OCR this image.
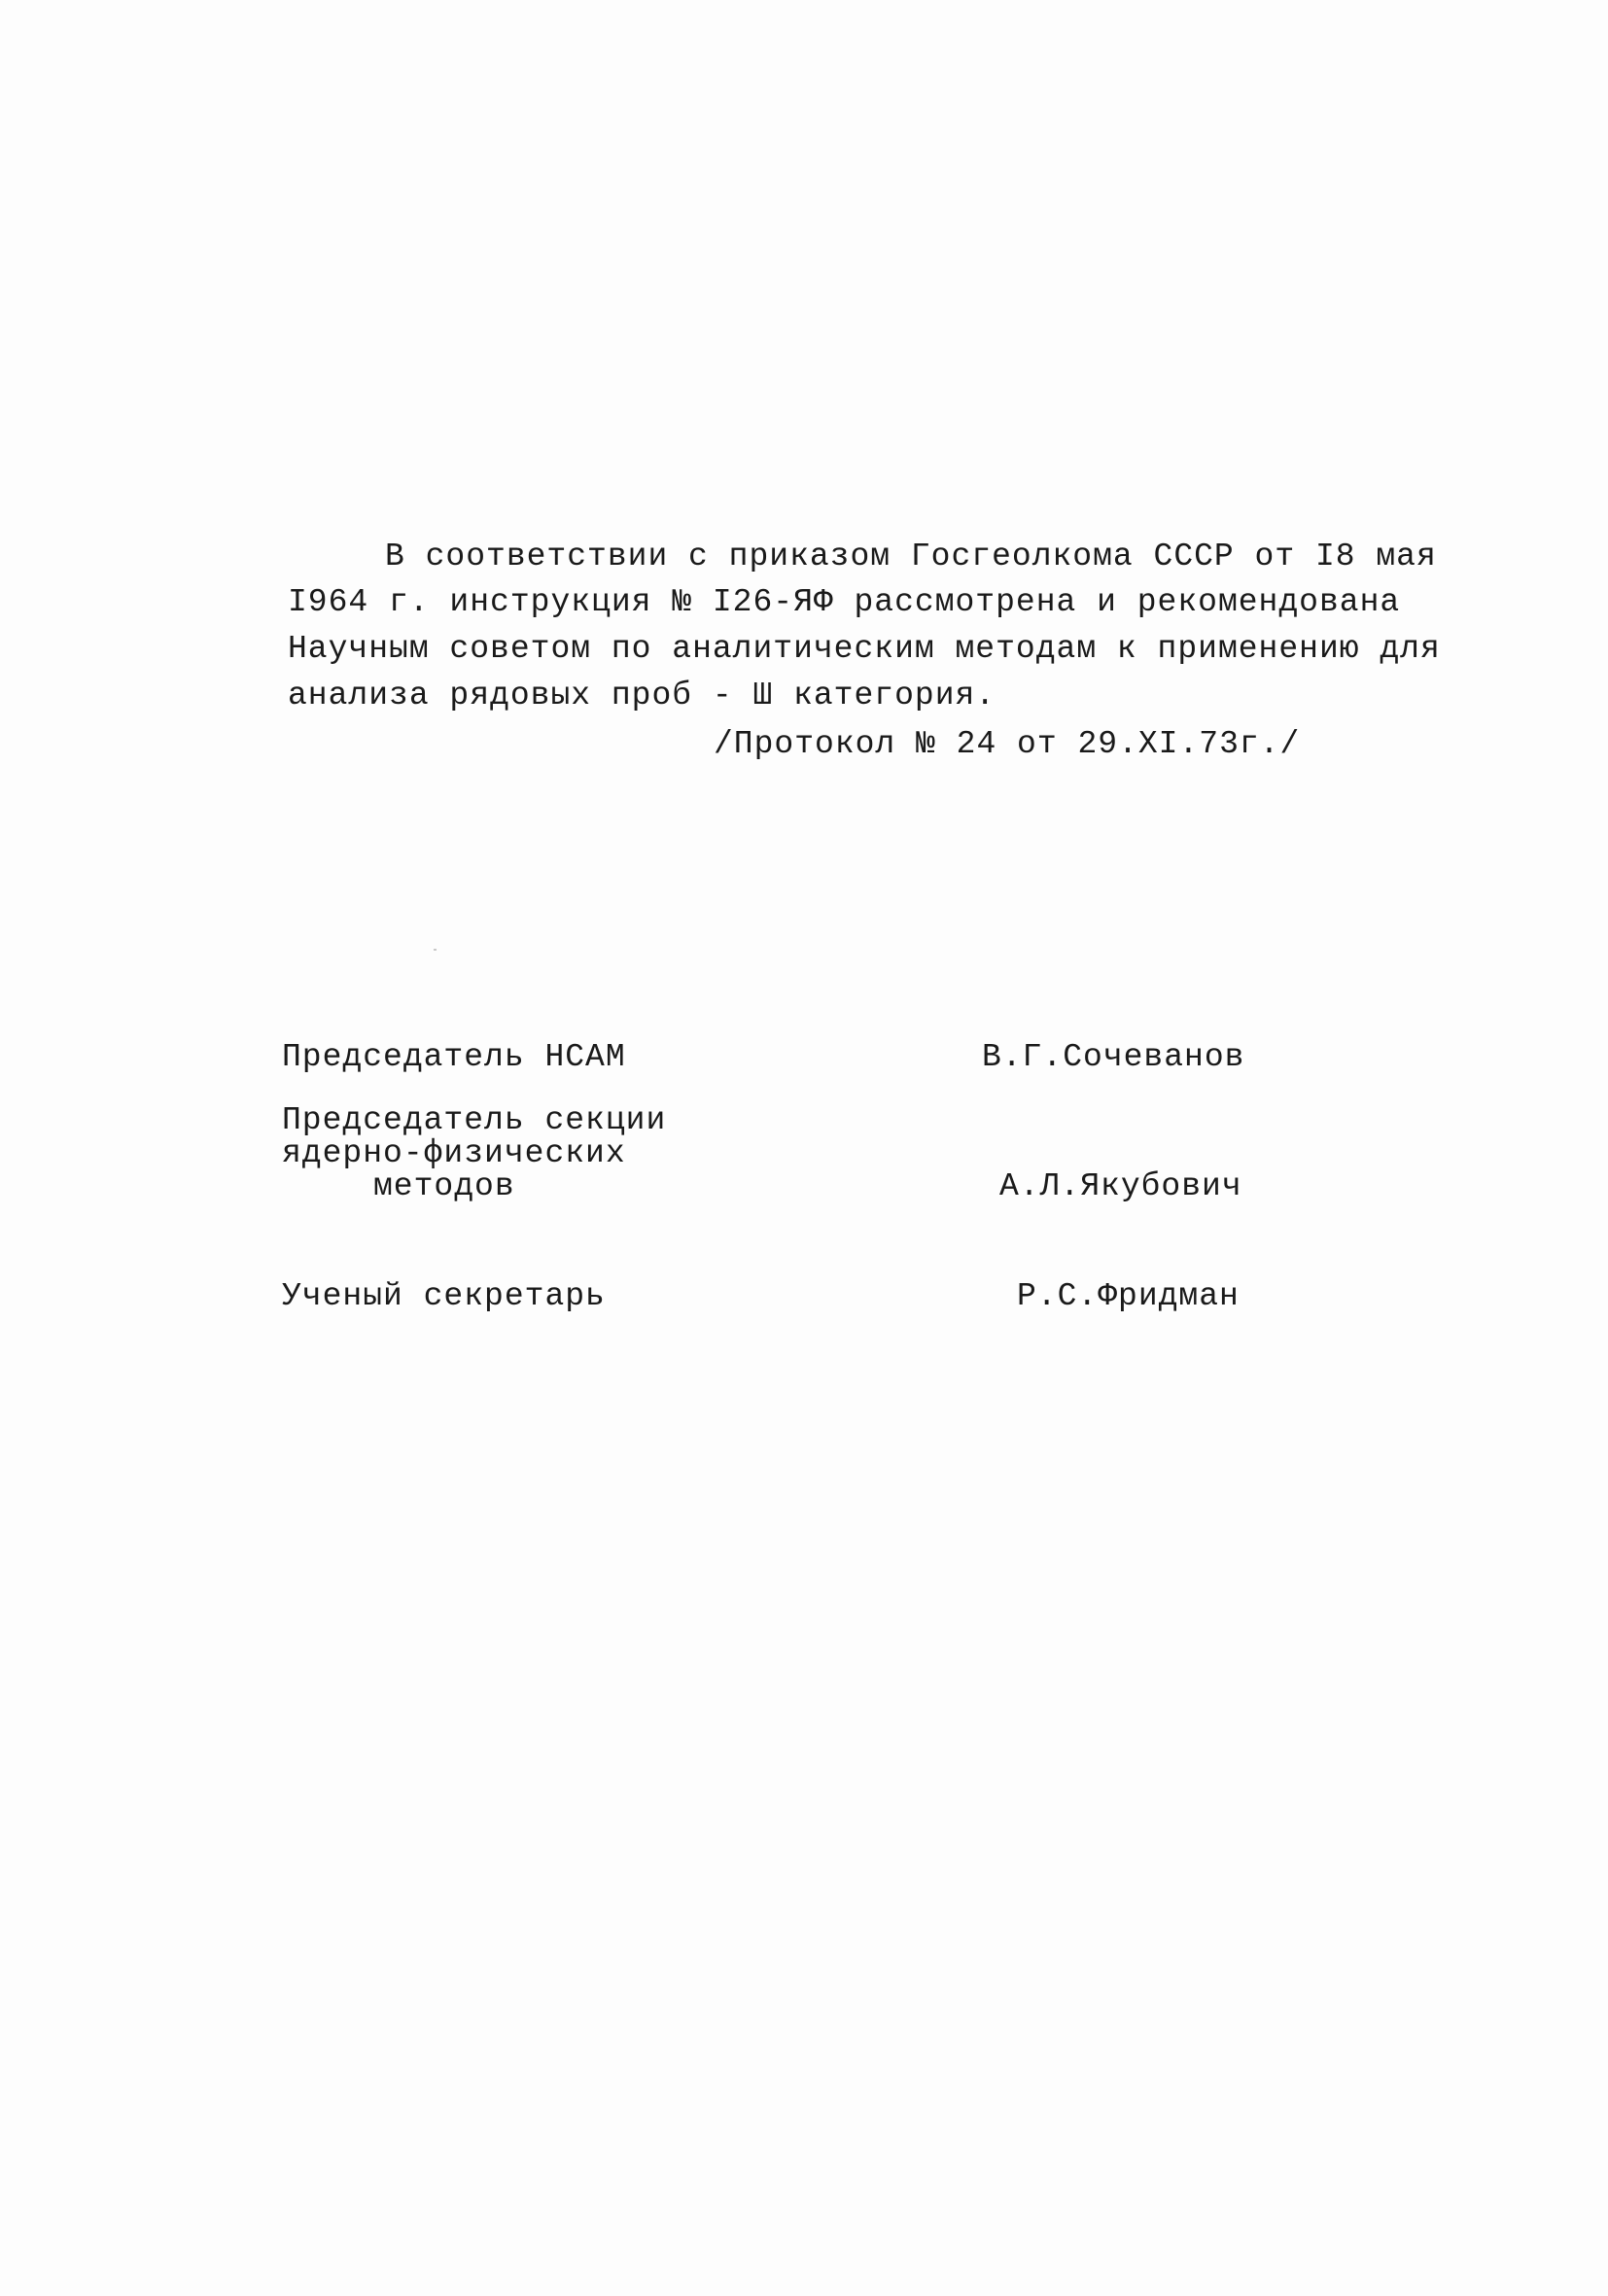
В соответствии с приказом Госгеолкома СССР от I8 мая

I964 г. инструкция № I26-ЯФ рассмотрена и рекомендована

Научным советом по аналитическим методам к применению для

анализа рядовых проб - Ш категория.

/Протокол № 24 от 29.XI.73г./

Председатель НСАМ	В.Г.Сочеванов

Председатель секции

ядерно-физических

методов	А.Л.Якубович

Ученый секретарь	Р.С.Фридман
